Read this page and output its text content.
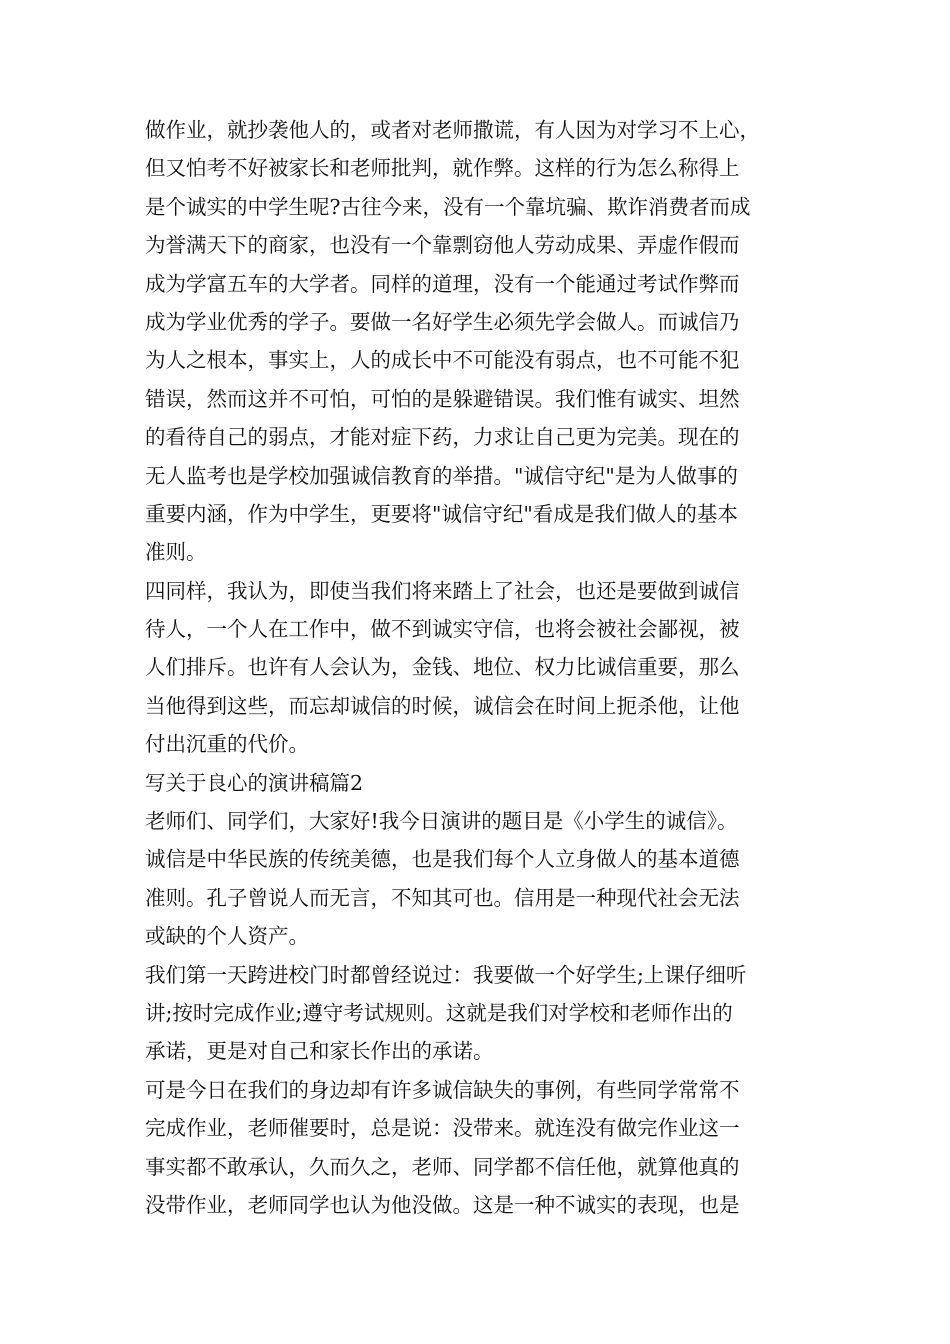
做作业，就抄袭他人的，或者对老师撒谎，有人因为对学习不上心，
但又怕考不好被家长和老师批判，就作弊。这样的行为怎么称得上
是个诚实的中学生呢?古往今来，没有一个靠坑骗、欺诈消费者而成
为誉满天下的商家，也没有一个靠剽窃他人劳动成果、弄虚作假而
成为学富五车的大学者。同样的道理，没有一个能通过考试作弊而
成为学业优秀的学子。要做一名好学生必须先学会做人。而诚信乃
为人之根本，事实上，人的成长中不可能没有弱点，也不可能不犯
错误，然而这并不可怕，可怕的是躲避错误。我们惟有诚实、坦然
的看待自己的弱点，才能对症下药，力求让自己更为完美。现在的
无人监考也是学校加强诚信教育的举措。"诚信守纪"是为人做事的
重要内涵，作为中学生，更要将"诚信守纪"看成是我们做人的基本
准则。
四同样，我认为，即使当我们将来踏上了社会，也还是要做到诚信
待人，一个人在工作中，做不到诚实守信，也将会被社会鄙视，被
人们排斥。也许有人会认为，金钱、地位、权力比诚信重要，那么
当他得到这些，而忘却诚信的时候，诚信会在时间上扼杀他，让他
付出沉重的代价。
写关于良心的演讲稿篇2
老师们、同学们，大家好!我今日演讲的题目是《小学生的诚信》。
诚信是中华民族的传统美德，也是我们每个人立身做人的基本道德
准则。孔子曾说人而无言，不知其可也。信用是一种现代社会无法
或缺的个人资产。
我们第一天跨进校门时都曾经说过：我要做一个好学生;上课仔细听
讲;按时完成作业;遵守考试规则。这就是我们对学校和老师作出的
承诺，更是对自己和家长作出的承诺。
可是今日在我们的身边却有许多诚信缺失的事例，有些同学常常不
完成作业，老师催要时，总是说：没带来。就连没有做完作业这一
事实都不敢承认，久而久之，老师、同学都不信任他，就算他真的
没带作业，老师同学也认为他没做。这是一种不诚实的表现，也是
